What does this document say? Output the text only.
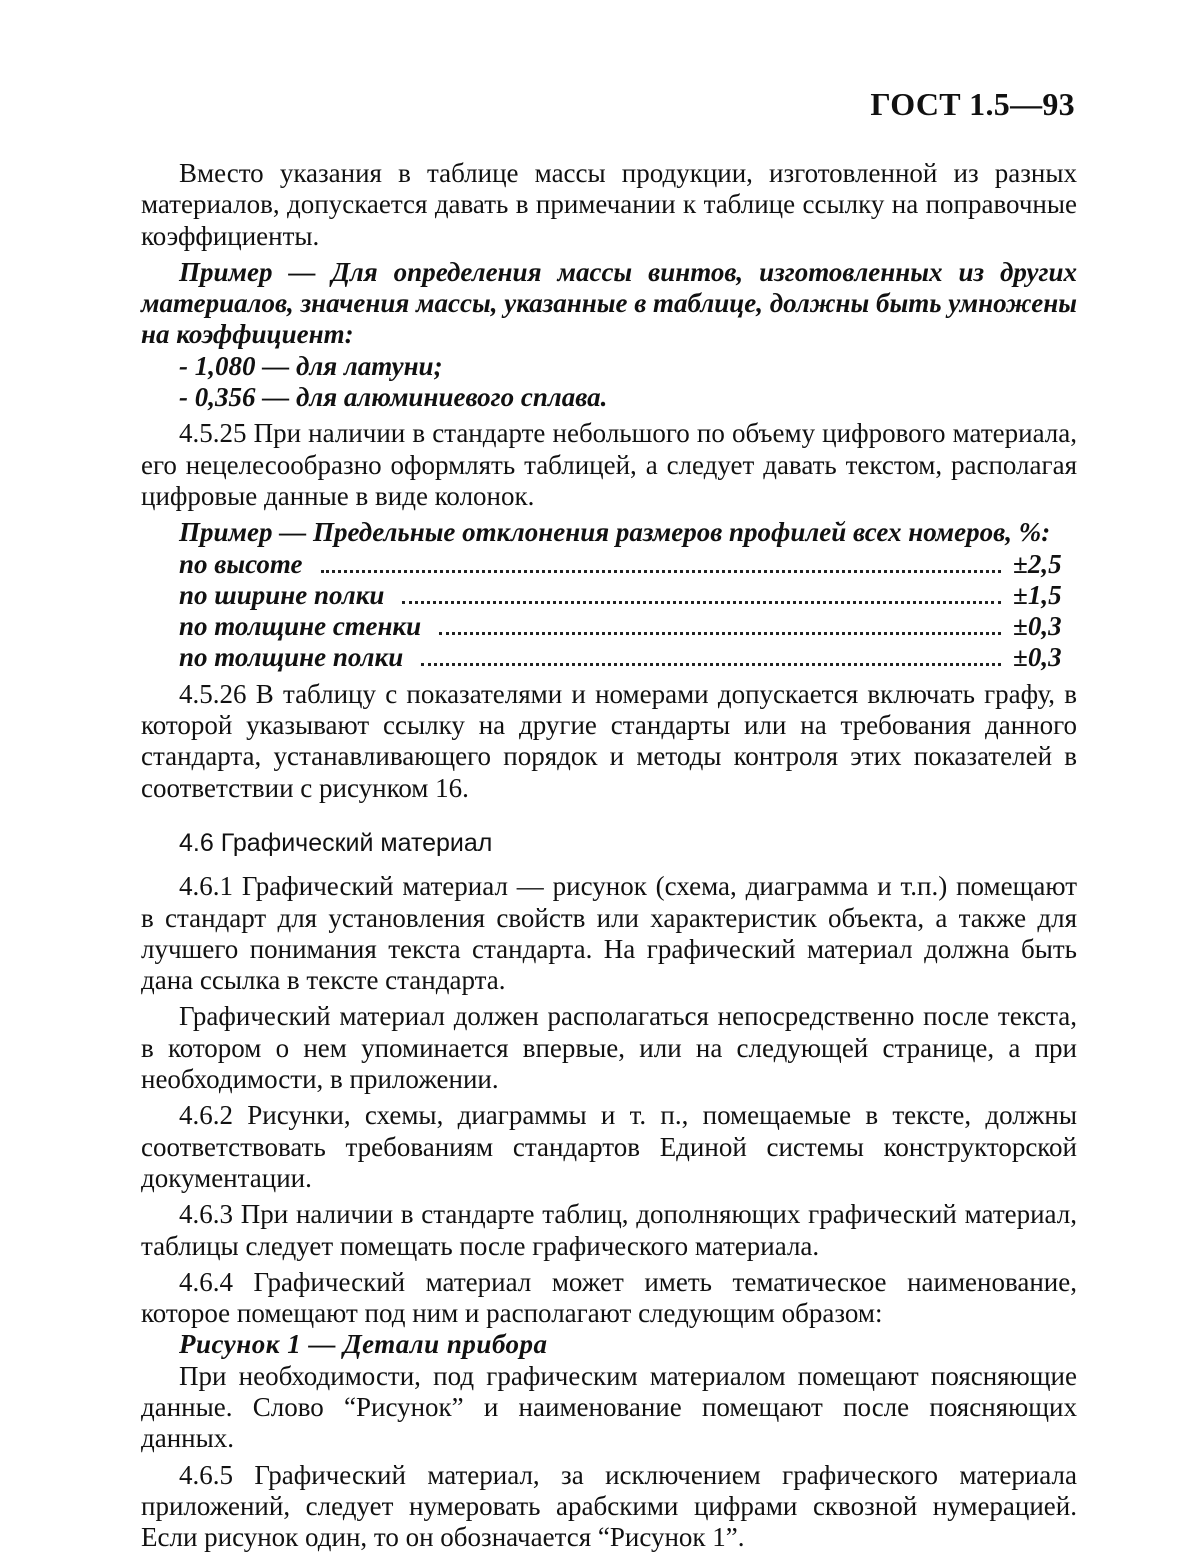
ГОСТ 1.5—93

Вместо указания в таблице массы продукции, изготовленной из разных материалов, допускается давать в примечании к таблице ссылку на поправочные коэффициенты.

Пример — Для определения массы винтов, изготовленных из других материалов, значения массы, указанные в таблице, должны быть умножены на коэффициент:

- 1,080 — для латуни;

- 0,356 — для алюминиевого сплава.

4.5.25 При наличии в стандарте небольшого по объему цифрового материала, его нецелесообразно оформлять таблицей, а следует давать текстом, располагая цифровые данные в виде колонок.

Пример — Предельные отклонения размеров профилей всех номеров, %:

по высоте	±2,5
по ширине полки	±1,5
по толщине стенки	±0,3
по толщине полки	±0,3

4.5.26 В таблицу с показателями и номерами допускается включать графу, в которой указывают ссылку на другие стандарты или на требования данного стандарта, устанавливающего порядок и методы контроля этих показателей в соответствии с рисунком 16.

4.6 Графический материал

4.6.1 Графический материал — рисунок (схема, диаграмма и т.п.) помещают в стандарт для установления свойств или характеристик объекта, а также для лучшего понимания текста стандарта. На графический материал должна быть дана ссылка в тексте стандарта.

Графический материал должен располагаться непосредственно после текста, в котором о нем упоминается впервые, или на следующей странице, а при необходимости, в приложении.

4.6.2 Рисунки, схемы, диаграммы и т. п., помещаемые в тексте, должны соответствовать требованиям стандартов Единой системы конструкторской документации.

4.6.3 При наличии в стандарте таблиц, дополняющих графический материал, таблицы следует помещать после графического материала.

4.6.4 Графический материал может иметь тематическое наименование, которое помещают под ним и располагают следующим образом:

Рисунок 1 — Детали прибора

При необходимости, под графическим материалом помещают поясняющие данные. Слово “Рисунок” и наименование помещают после поясняющих данных.

4.6.5 Графический материал, за исключением графического материала приложений, следует нумеровать арабскими цифрами сквозной нумерацией. Если рисунок один, то он обозначается “Рисунок 1”.
